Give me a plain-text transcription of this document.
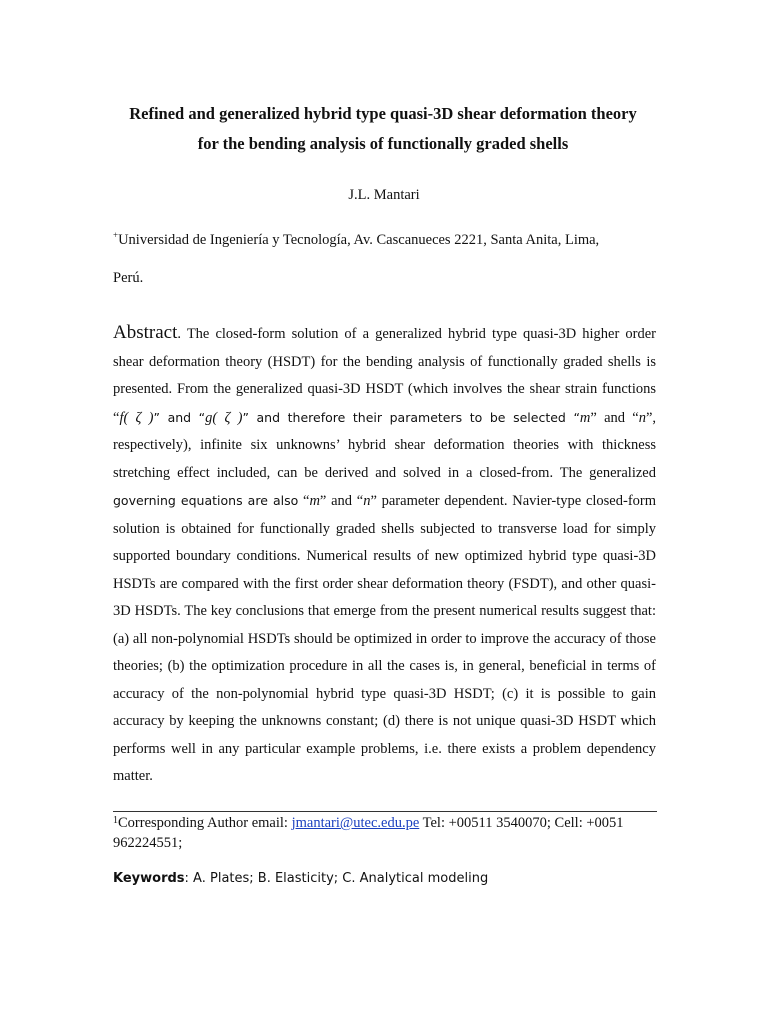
Refined and generalized hybrid type quasi-3D shear deformation theory
for the bending analysis of functionally graded shells
J.L. Mantari
+Universidad de Ingeniería y Tecnología, Av. Cascanueces 2221, Santa Anita, Lima,
Perú.

Abstract. The closed-form solution of a generalized hybrid type quasi-3D higher order shear deformation theory (HSDT) for the bending analysis of functionally graded shells is presented. From the generalized quasi-3D HSDT (which involves the shear strain functions “f( ζ )” and “g( ζ )” and therefore their parameters to be selected “m” and “n”, respectively), infinite six unknowns’ hybrid shear deformation theories with thickness stretching effect included, can be derived and solved in a closed-from. The generalized governing equations are also “m” and “n” parameter dependent. Navier-type closed-form solution is obtained for functionally graded shells subjected to transverse load for simply supported boundary conditions. Numerical results of new optimized hybrid type quasi-3D HSDTs are compared with the first order shear deformation theory (FSDT), and other quasi-3D HSDTs. The key conclusions that emerge from the present numerical results suggest that: (a) all non-polynomial HSDTs should be optimized in order to improve the accuracy of those theories; (b) the optimization procedure in all the cases is, in general, beneficial in terms of accuracy of the non-polynomial hybrid type quasi-3D HSDT; (c) it is possible to gain accuracy by keeping the unknowns constant; (d) there is not unique quasi-3D HSDT which performs well in any particular example problems, i.e. there exists a problem dependency matter.

$^1$Corresponding Author email: jmantari@utec.edu.pe Tel: +00511 3540070; Cell: +0051 962224551;
Keywords: A. Plates; B. Elasticity; C. Analytical modeling
